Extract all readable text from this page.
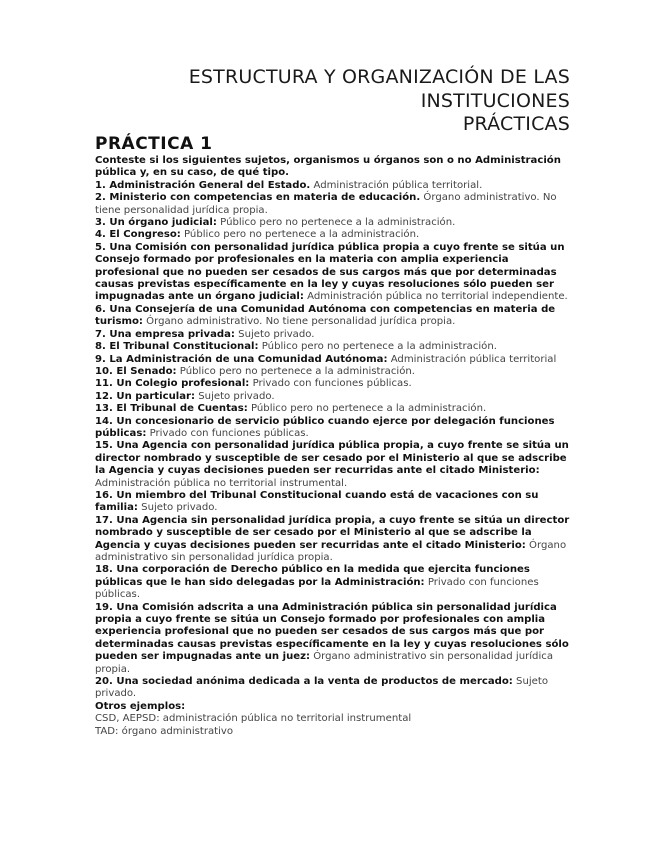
ESTRUCTURA Y ORGANIZACIÓN DE LAS
INSTITUCIONES
PRÁCTICAS
PRÁCTICA 1

Conteste si los siguientes sujetos, organismos u órganos son o no Administración pública y, en su caso, de qué tipo.

1. Administración General del Estado. Administración pública territorial.

2. Ministerio con competencias en materia de educación. Órgano administrativo. No tiene personalidad jurídica propia.

3. Un órgano judicial: Público pero no pertenece a la administración.

4. El Congreso: Público pero no pertenece a la administración.

5. Una Comisión con personalidad jurídica pública propia a cuyo frente se sitúa un Consejo formado por profesionales en la materia con amplia experiencia profesional que no pueden ser cesados de sus cargos más que por determinadas causas previstas específicamente en la ley y cuyas resoluciones sólo pueden ser impugnadas ante un órgano judicial: Administración pública no territorial independiente.

6. Una Consejería de una Comunidad Autónoma con competencias en materia de turismo: Órgano administrativo. No tiene personalidad jurídica propia.

7. Una empresa privada: Sujeto privado.

8. El Tribunal Constitucional: Público pero no pertenece a la administración.

9. La Administración de una Comunidad Autónoma: Administración pública territorial

10. El Senado: Público pero no pertenece a la administración.

11. Un Colegio profesional: Privado con funciones públicas.

12. Un particular: Sujeto privado.

13. El Tribunal de Cuentas: Público pero no pertenece a la administración.

14. Un concesionario de servicio público cuando ejerce por delegación funciones públicas: Privado con funciones públicas.

15. Una Agencia con personalidad jurídica pública propia, a cuyo frente se sitúa un director nombrado y susceptible de ser cesado por el Ministerio al que se adscribe la Agencia y cuyas decisiones pueden ser recurridas ante el citado Ministerio: Administración pública no territorial instrumental.

16. Un miembro del Tribunal Constitucional cuando está de vacaciones con su familia: Sujeto privado.

17. Una Agencia sin personalidad jurídica propia, a cuyo frente se sitúa un director nombrado y susceptible de ser cesado por el Ministerio al que se adscribe la Agencia y cuyas decisiones pueden ser recurridas ante el citado Ministerio: Órgano administrativo sin personalidad jurídica propia.

18. Una corporación de Derecho público en la medida que ejercita funciones públicas que le han sido delegadas por la Administración: Privado con funciones públicas.

19. Una Comisión adscrita a una Administración pública sin personalidad jurídica propia a cuyo frente se sitúa un Consejo formado por profesionales con amplia experiencia profesional que no pueden ser cesados de sus cargos más que por determinadas causas previstas específicamente en la ley y cuyas resoluciones sólo pueden ser impugnadas ante un juez: Órgano administrativo sin personalidad jurídica propia.

20. Una sociedad anónima dedicada a la venta de productos de mercado: Sujeto privado.

Otros ejemplos:

CSD, AEPSD: administración pública no territorial instrumental

TAD: órgano administrativo
